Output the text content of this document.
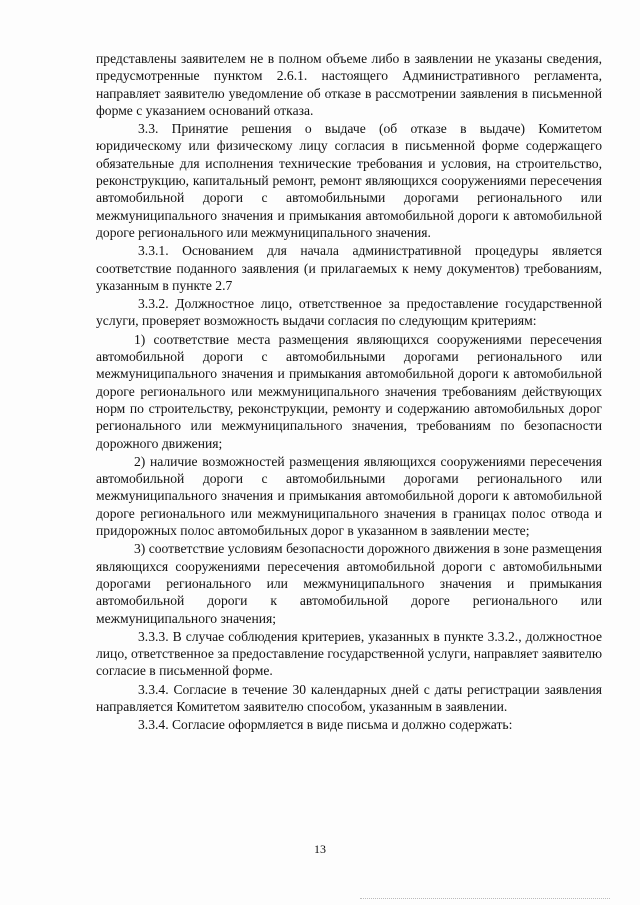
представлены заявителем не в полном объеме либо в заявлении не указаны сведения, предусмотренные пунктом 2.6.1. настоящего Административного регламента, направляет заявителю уведомление об отказе в рассмотрении заявления в письменной форме с указанием оснований отказа.

3.3. Принятие решения о выдаче (об отказе в выдаче) Комитетом юридическому или физическому лицу согласия в письменной форме содержащего обязательные для исполнения технические требования и условия, на строительство, реконструкцию, капитальный ремонт, ремонт являющихся сооружениями пересечения автомобильной дороги с автомобильными дорогами регионального или межмуниципального значения и примыкания автомобильной дороги к автомобильной дороге регионального или межмуниципального значения.

3.3.1. Основанием для начала административной процедуры является соответствие поданного заявления (и прилагаемых к нему документов) требованиям, указанным в пункте 2.7

3.3.2. Должностное лицо, ответственное за предоставление государственной услуги, проверяет возможность выдачи согласия по следующим критериям:

1) соответствие места размещения являющихся сооружениями пересечения автомобильной дороги с автомобильными дорогами регионального или межмуниципального значения и примыкания автомобильной дороги к автомобильной дороге регионального или межмуниципального значения требованиям действующих норм по строительству, реконструкции, ремонту и содержанию автомобильных дорог регионального или межмуниципального значения, требованиям по безопасности дорожного движения;

2) наличие возможностей размещения являющихся сооружениями пересечения автомобильной дороги с автомобильными дорогами регионального или межмуниципального значения и примыкания автомобильной дороги к автомобильной дороге регионального или межмуниципального значения в границах полос отвода и придорожных полос автомобильных дорог в указанном в заявлении месте;

3) соответствие условиям безопасности дорожного движения в зоне размещения являющихся сооружениями пересечения автомобильной дороги с автомобильными дорогами регионального или межмуниципального значения и примыкания автомобильной дороги к автомобильной дороге регионального или межмуниципального значения;

3.3.3. В случае соблюдения критериев, указанных в пункте 3.3.2., должностное лицо, ответственное за предоставление государственной услуги, направляет заявителю согласие в письменной форме.

3.3.4. Согласие в течение 30 календарных дней с даты регистрации заявления направляется Комитетом заявителю способом, указанным в заявлении.

3.3.4. Согласие оформляется в виде письма и должно содержать:

13
